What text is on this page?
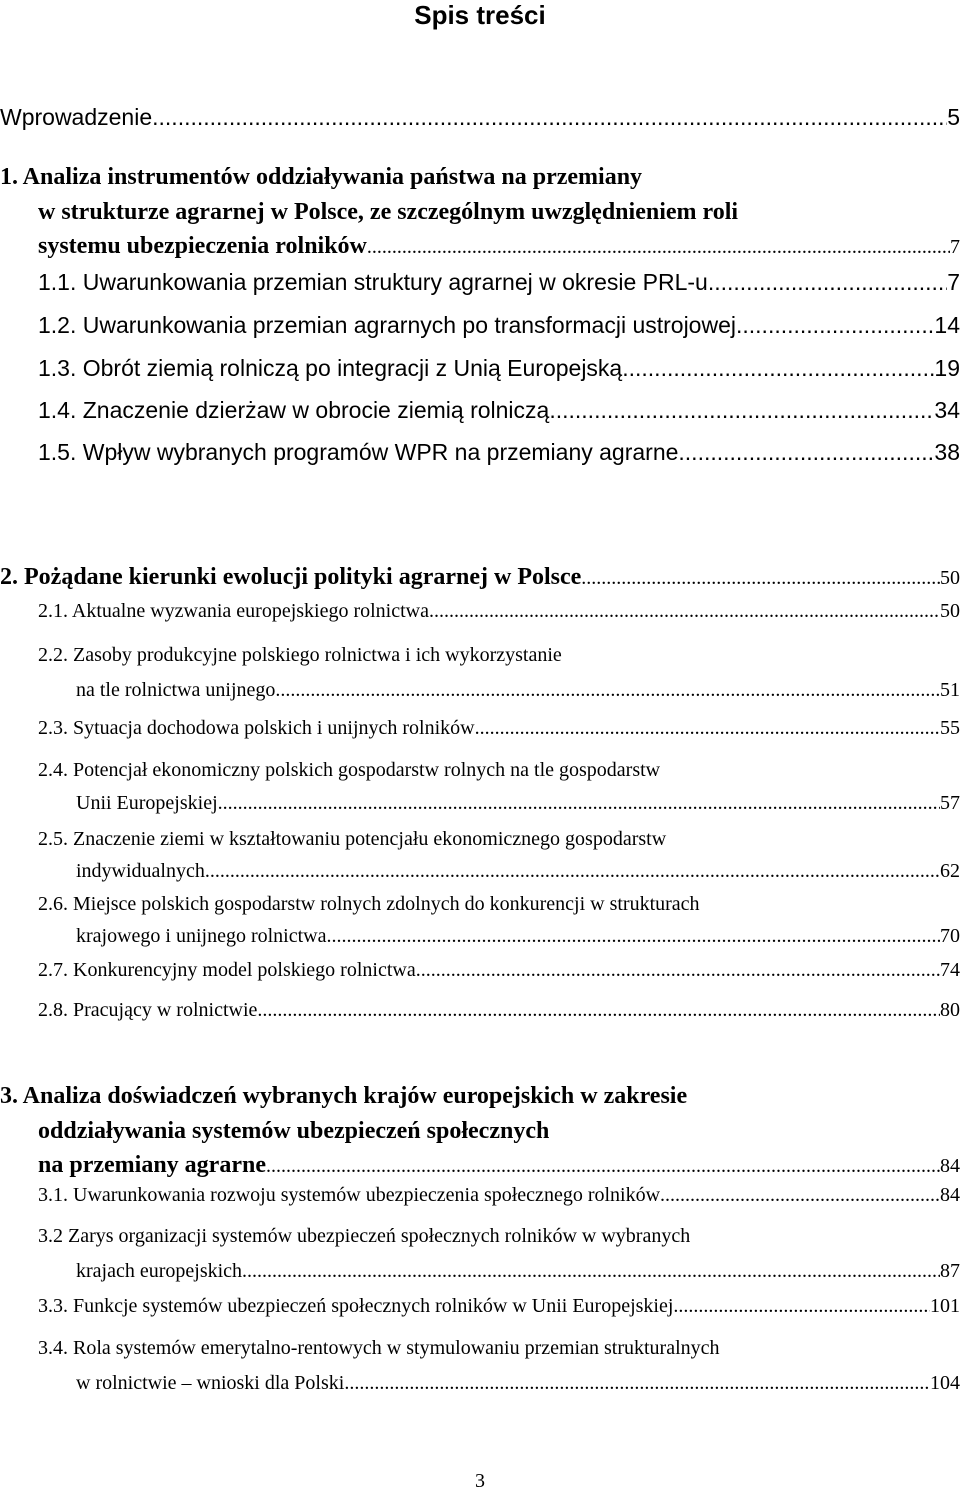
Spis treści
Wprowadzenie .....	5
1. Analiza instrumentów oddziaływania państwa na przemiany
w strukturze agrarnej w Polsce, ze szczególnym uwzględnieniem roli
systemu ubezpieczenia rolników .....	7
1.1. Uwarunkowania przemian struktury agrarnej w okresie PRL-u .....	7
1.2. Uwarunkowania przemian agrarnych po transformacji ustrojowej .....	14
1.3. Obrót ziemią rolniczą po integracji z Unią Europejską .....	19
1.4. Znaczenie dzierżaw w obrocie ziemią rolniczą .....	34
1.5. Wpływ wybranych programów WPR na przemiany agrarne .....	38
2. Pożądane kierunki ewolucji polityki agrarnej w Polsce .....	50
2.1. Aktualne wyzwania europejskiego rolnictwa .....	50
2.2. Zasoby produkcyjne polskiego rolnictwa i ich wykorzystanie
na tle rolnictwa unijnego .....	51
2.3. Sytuacja dochodowa polskich i unijnych rolników .....	55
2.4. Potencjał ekonomiczny polskich gospodarstw rolnych na tle gospodarstw
Unii Europejskiej .....	57
2.5. Znaczenie ziemi w kształtowaniu potencjału ekonomicznego gospodarstw
indywidualnych .....	62
2.6. Miejsce polskich gospodarstw rolnych zdolnych do konkurencji w strukturach
krajowego i unijnego rolnictwa .....	70
2.7. Konkurencyjny model polskiego rolnictwa .....	74
2.8. Pracujący w rolnictwie .....	80
3. Analiza doświadczeń wybranych krajów europejskich w zakresie
oddziaływania systemów ubezpieczeń społecznych
na przemiany agrarne .....	84
3.1. Uwarunkowania rozwoju systemów ubezpieczenia społecznego rolników .....	84
3.2 Zarys organizacji systemów ubezpieczeń społecznych rolników w wybranych
krajach europejskich .....	87
3.3. Funkcje systemów ubezpieczeń społecznych rolników w Unii Europejskiej .....	101
3.4. Rola systemów emerytalno-rentowych w stymulowaniu przemian strukturalnych
w rolnictwie – wnioski dla Polski .....	104
3
